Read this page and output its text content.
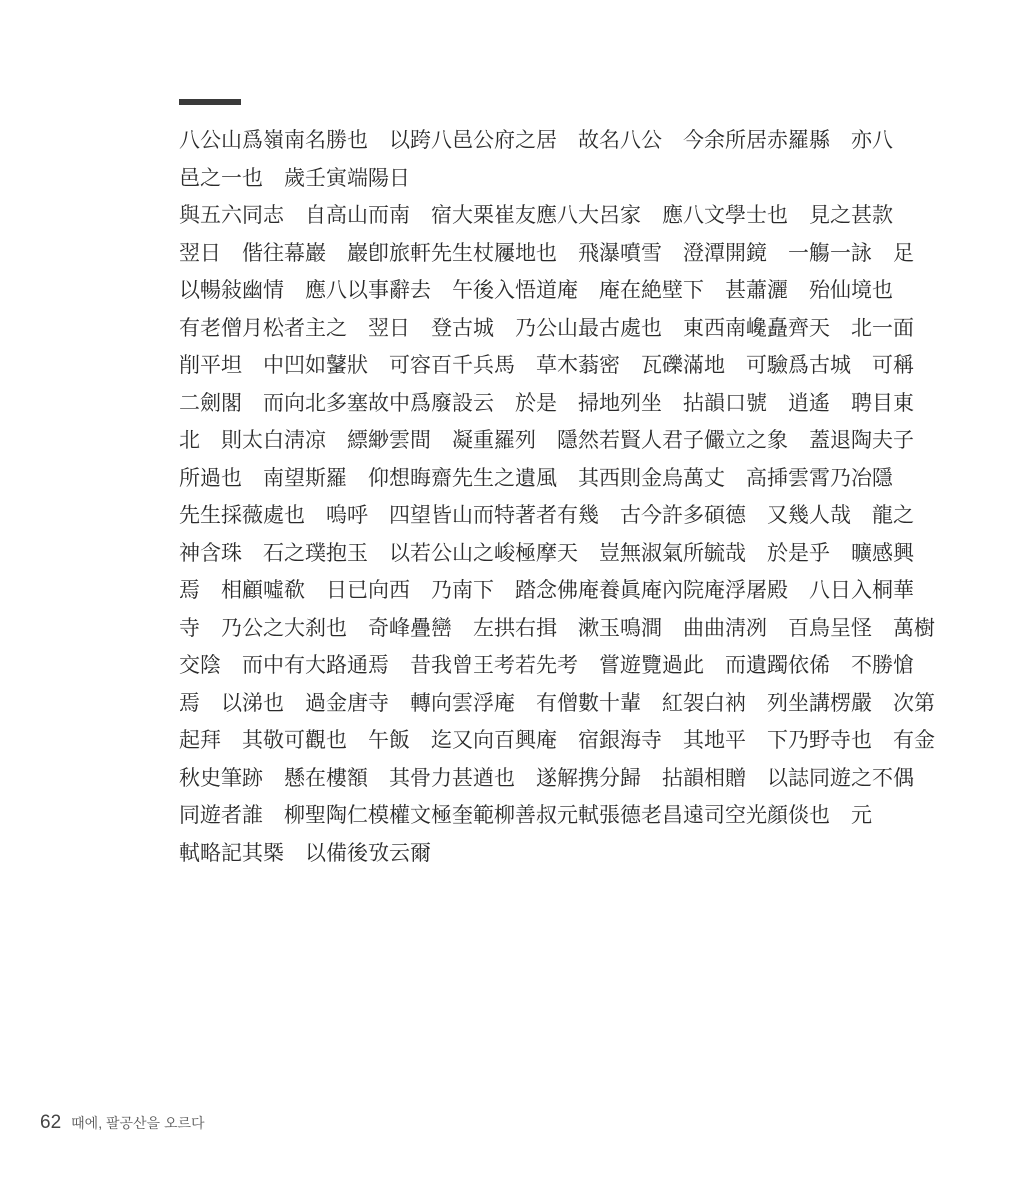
八公山爲嶺南名勝也　以跨八邑公府之居　故名八公　今余所居赤羅縣　亦八
邑之一也　歲壬寅端陽日
與五六同志　自高山而南　宿大栗崔友應八大呂家　應八文學士也　見之甚款
翌日　偕往幕巖　巖卽旅軒先生杖屨地也　飛瀑噴雪　澄潭開鏡　一觴一詠　足
以暢敍幽情　應八以事辭去　午後入悟道庵　庵在絶壁下　甚蕭灑　殆仙境也
有老僧月松者主之　翌日　登古城　乃公山最古處也　東西南巉矗齊天　北一面
削平坦　中凹如鼜狀　可容百千兵馬　草木蓊密　瓦礫滿地　可驗爲古城　可稱
二劍閣　而向北多塞故中爲廢設云　於是　掃地列坐　拈韻口號　逍遙　聘目東
北　則太白淸凉　縹緲雲間　凝重羅列　隱然若賢人君子儼立之象　蓋退陶夫子
所過也　南望斯羅　仰想晦齋先生之遺風　其西則金烏萬丈　高揷雲霄乃冶隱
先生採薇處也　嗚呼　四望皆山而特著者有幾　古今許多碩德　又幾人哉　龍之
神含珠　石之璞抱玉　以若公山之峻極摩天　豈無淑氣所毓哉　於是乎　曠感興
焉　相顧噓欷　日已向西　乃南下　踏念佛庵養眞庵內院庵浮屠殿　八日入桐華
寺　乃公之大刹也　奇峰疊巒　左拱右揖　漱玉鳴澗　曲曲淸冽　百鳥呈怪　萬樹
交陰　而中有大路通焉　昔我曾王考若先考　嘗遊覽過此　而遺躅依俙　不勝愴
焉　以涕也　過金唐寺　轉向雲浮庵　有僧數十輩　紅袈白衲　列坐講楞嚴　次第
起拜　其敬可觀也　午飯　迄又向百興庵　宿銀海寺　其地平　下乃野寺也　有金
秋史筆跡　懸在樓額　其骨力甚遒也　遂解携分歸　拈韻相贈　以誌同遊之不偶
同遊者誰　柳聖陶仁模權文極奎範柳善叔元軾張德老昌遠司空光顔倓也　元
軾略記其槩　以備後攷云爾
62 때에, 팔공산을 오르다
